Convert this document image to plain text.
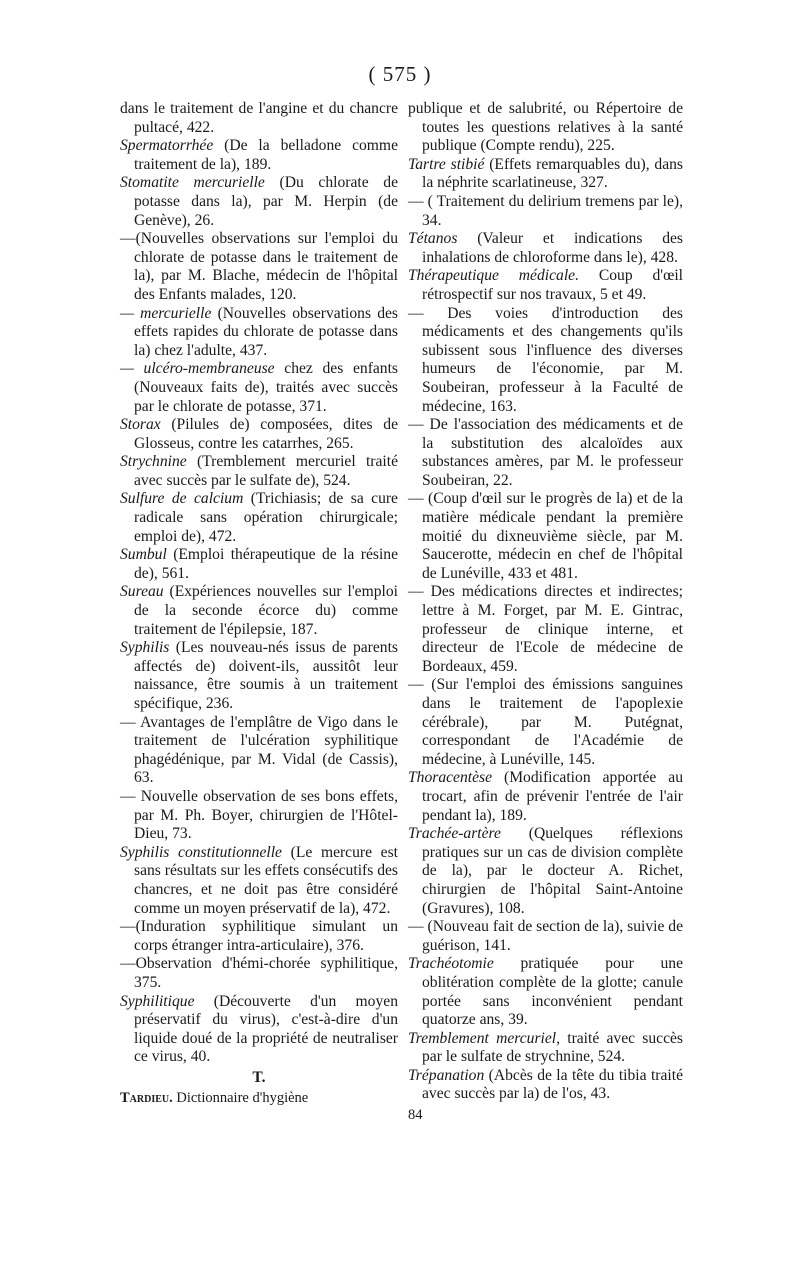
( 575 )

dans le traitement de l'angine et du chancre pultacé, 422.

Spermatorrhée (De la belladone comme traitement de la), 189.

Stomatite mercurielle (Du chlorate de potasse dans la), par M. Herpin (de Genève), 26.

—(Nouvelles observations sur l'emploi du chlorate de potasse dans le traitement de la), par M. Blache, médecin de l'hôpital des Enfants malades, 120.

— mercurielle (Nouvelles observations des effets rapides du chlorate de potasse dans la) chez l'adulte, 437.

— ulcéro-membraneuse chez des enfants (Nouveaux faits de), traités avec succès par le chlorate de potasse, 371.

Storax (Pilules de) composées, dites de Glosseus, contre les catarrhes, 265.

Strychnine (Tremblement mercuriel traité avec succès par le sulfate de), 524.

Sulfure de calcium (Trichiasis; de sa cure radicale sans opération chirurgicale; emploi de), 472.

Sumbul (Emploi thérapeutique de la résine de), 561.

Sureau (Expériences nouvelles sur l'emploi de la seconde écorce du) comme traitement de l'épilepsie, 187.

Syphilis (Les nouveau-nés issus de parents affectés de) doivent-ils, aussitôt leur naissance, être soumis à un traitement spécifique, 236.

— Avantages de l'emplâtre de Vigo dans le traitement de l'ulcération syphilitique phagédénique, par M. Vidal (de Cassis), 63.

— Nouvelle observation de ses bons effets, par M. Ph. Boyer, chirurgien de l'Hôtel-Dieu, 73.

Syphilis constitutionnelle (Le mercure est sans résultats sur les effets consécutifs des chancres, et ne doit pas être considéré comme un moyen préservatif de la), 472.

—(Induration syphilitique simulant un corps étranger intra-articulaire), 376.

—Observation d'hémi-chorée syphilitique, 375.

Syphilitique (Découverte d'un moyen préservatif du virus), c'est-à-dire d'un liquide doué de la propriété de neutraliser ce virus, 40.

T.
Tardieu. Dictionnaire d'hygiène

publique et de salubrité, ou Répertoire de toutes les questions relatives à la santé publique (Compte rendu), 225.

Tartre stibié (Effets remarquables du), dans la néphrite scarlatineuse, 327.

— ( Traitement du delirium tremens par le), 34.

Tétanos (Valeur et indications des inhalations de chloroforme dans le), 428.

Thérapeutique médicale. Coup d'œil rétrospectif sur nos travaux, 5 et 49.

— Des voies d'introduction des médicaments et des changements qu'ils subissent sous l'influence des diverses humeurs de l'économie, par M. Soubeiran, professeur à la Faculté de médecine, 163.

— De l'association des médicaments et de la substitution des alcaloïdes aux substances amères, par M. le professeur Soubeiran, 22.

— (Coup d'œil sur le progrès de la) et de la matière médicale pendant la première moitié du dixneuvième siècle, par M. Saucerotte, médecin en chef de l'hôpital de Lunéville, 433 et 481.

— Des médications directes et indirectes; lettre à M. Forget, par M. E. Gintrac, professeur de clinique interne, et directeur de l'Ecole de médecine de Bordeaux, 459.

— (Sur l'emploi des émissions sanguines dans le traitement de l'apoplexie cérébrale), par M. Putégnat, correspondant de l'Académie de médecine, à Lunéville, 145.

Thoracentèse (Modification apportée au trocart, afin de prévenir l'entrée de l'air pendant la), 189.

Trachée-artère (Quelques réflexions pratiques sur un cas de division complète de la), par le docteur A. Richet, chirurgien de l'hôpital Saint-Antoine (Gravures), 108.

— (Nouveau fait de section de la), suivie de guérison, 141.

Trachéotomie pratiquée pour une oblitération complète de la glotte; canule portée sans inconvénient pendant quatorze ans, 39.

Tremblement mercuriel, traité avec succès par le sulfate de strychnine, 524.

Trépanation (Abcès de la tête du tibia traité avec succès par la) de l'os, 43.

84
